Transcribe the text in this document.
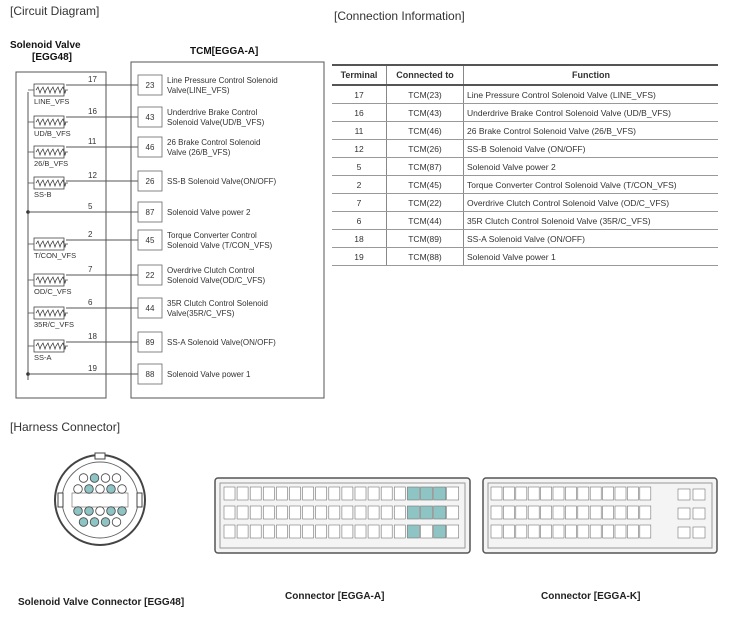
[Circuit Diagram]	[Connection Information]
[Harness Connector]
Solenoid Valve
[EGG48]
TCM[EGGA-A]
LINE_VFS
UD/B_VFS
26/B_VFS
SS-B
T/CON_VFS
OD/C_VFS
35R/C_VFS
SS-A
17
23
Line Pressure Control Solenoid Valve(LINE_VFS)
16
43
Underdrive Brake Control Solenoid Valve(UD/B_VFS)
11
46
26 Brake Control Solenoid Valve (26/B_VFS)
12
26 SS-B Solenoid Valve(ON/OFF)
5
87 Solenoid Valve power 2
2
45
Torque Converter Control Solenoid Valve (T/CON_VFS)
7
22
Overdrive Clutch Control Solenoid Valve(OD/C_VFS)
6
44
35R Clutch Control Solenoid Valve(35R/C_VFS)
18
89 SS-A Solenoid Valve(ON/OFF)
19
88 Solenoid Valve power 1
Terminal	Connected to	Function
17	TCM(23)	Line Pressure Control Solenoid Valve (LINE_VFS)
16	TCM(43)	Underdrive Brake Control Solenoid Valve (UD/B_VFS)
11	TCM(46)	26 Brake Control Solenoid Valve (26/B_VFS)
12	TCM(26)	SS-B Solenoid Valve (ON/OFF)
5	TCM(87)	Solenoid Valve power 2
2	TCM(45)	Torque Converter Control Solenoid Valve (T/CON_VFS)
7	TCM(22)	Overdrive Clutch Control Solenoid Valve (OD/C_VFS)
6	TCM(44)	35R Clutch Control Solenoid Valve (35R/C_VFS)
18	TCM(89)	SS-A Solenoid Valve (ON/OFF)
19	TCM(88)	Solenoid Valve power 1
Solenoid Valve Connector [EGG48]
Connector [EGGA-A]	Connector [EGGA-K]
